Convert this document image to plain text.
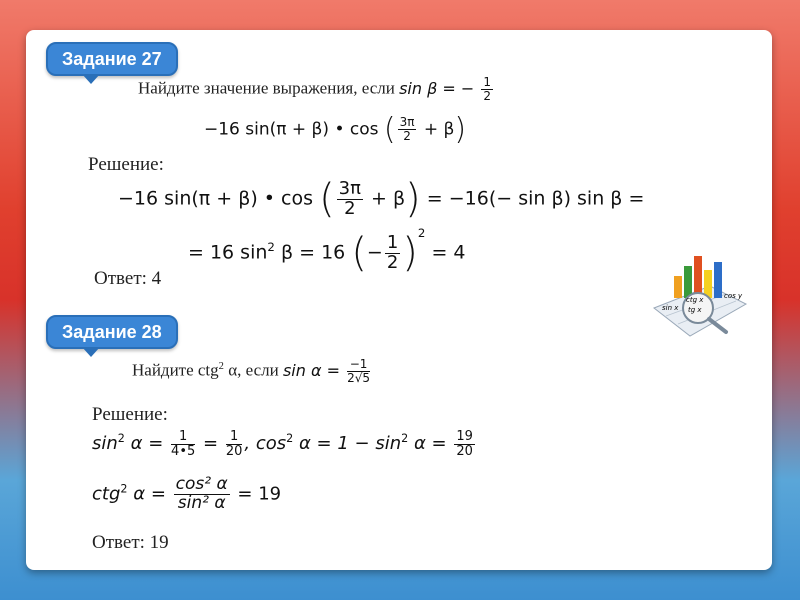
Задание 27
Найдите значение выражения, если sin β = − $\frac{1}{2}$
−16 sin(π + β) • cos ( $\frac{3\pi}{2} + \beta$)
Решение:
−16 sin(π + β) • cos ( $\frac{3\pi}{2} + \beta) = -16(- \sin \beta)$ sin β =
= 16 $\sin^2 \beta = 16$ (− $\frac{1}{2} )^2 = 4$
Ответ: 4
ctg x
tg x
cos y
sin x
Задание 28
Найдите ctg$^2$ α, если $\sin \alpha = \frac{-1}{2√5}$
Решение:
$\sin^2 \alpha = \frac{1}{4•5} = \frac{1}{20}$ , $\cos^2 \alpha = 1 - \sin^2 \alpha = \frac{19}{20}$
ctg$^2$ $\alpha = \frac{\text{cos² α}}{\text{sin² α}} = 19$
Ответ: 19
